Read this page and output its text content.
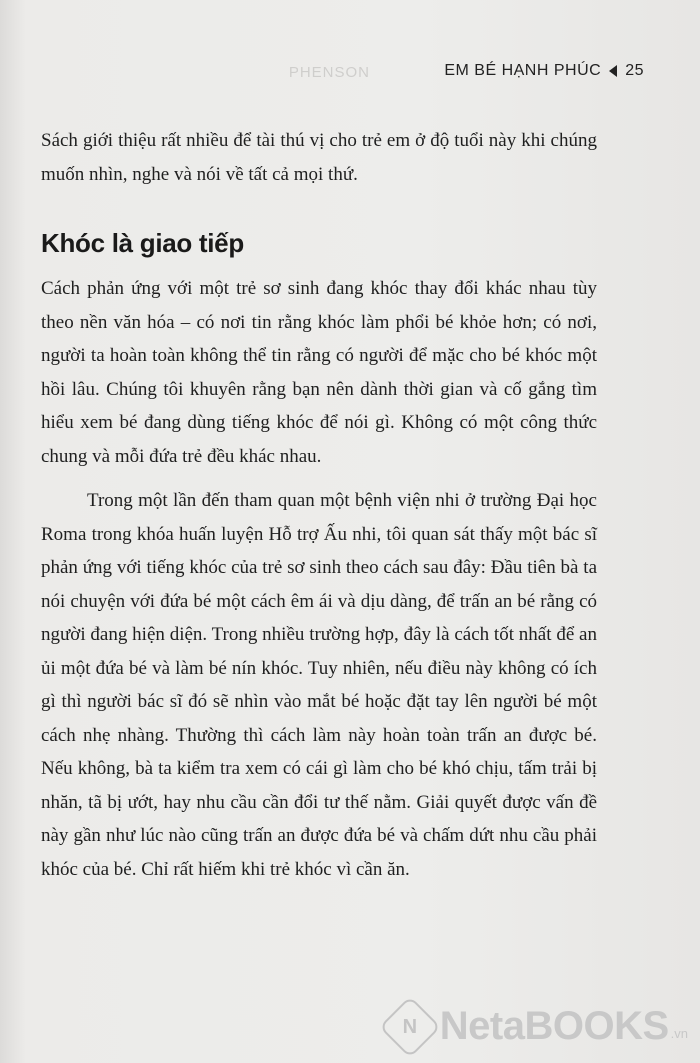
PHENSON	EM BÉ HẠNH PHÚC 25

Sách giới thiệu rất nhiều để tài thú vị cho trẻ em ở độ tuổi này khi chúng muốn nhìn, nghe và nói về tất cả mọi thứ.

Khóc là giao tiếp

Cách phản ứng với một trẻ sơ sinh đang khóc thay đổi khác nhau tùy theo nền văn hóa – có nơi tin rằng khóc làm phổi bé khỏe hơn; có nơi, người ta hoàn toàn không thể tin rằng có người để mặc cho bé khóc một hồi lâu. Chúng tôi khuyên rằng bạn nên dành thời gian và cố gắng tìm hiểu xem bé đang dùng tiếng khóc để nói gì. Không có một công thức chung và mỗi đứa trẻ đều khác nhau.

Trong một lần đến tham quan một bệnh viện nhi ở trường Đại học Roma trong khóa huấn luyện Hỗ trợ Ấu nhi, tôi quan sát thấy một bác sĩ phản ứng với tiếng khóc của trẻ sơ sinh theo cách sau đây: Đầu tiên bà ta nói chuyện với đứa bé một cách êm ái và dịu dàng, để trấn an bé rằng có người đang hiện diện. Trong nhiều trường hợp, đây là cách tốt nhất để an ủi một đứa bé và làm bé nín khóc. Tuy nhiên, nếu điều này không có ích gì thì người bác sĩ đó sẽ nhìn vào mắt bé hoặc đặt tay lên người bé một cách nhẹ nhàng. Thường thì cách làm này hoàn toàn trấn an được bé. Nếu không, bà ta kiểm tra xem có cái gì làm cho bé khó chịu, tấm trải bị nhăn, tã bị ướt, hay nhu cầu cần đổi tư thế nằm. Giải quyết được vấn đề này gần như lúc nào cũng trấn an được đứa bé và chấm dứt nhu cầu phải khóc của bé. Chỉ rất hiếm khi trẻ khóc vì cần ăn.

N NetaBOOKS .vn
